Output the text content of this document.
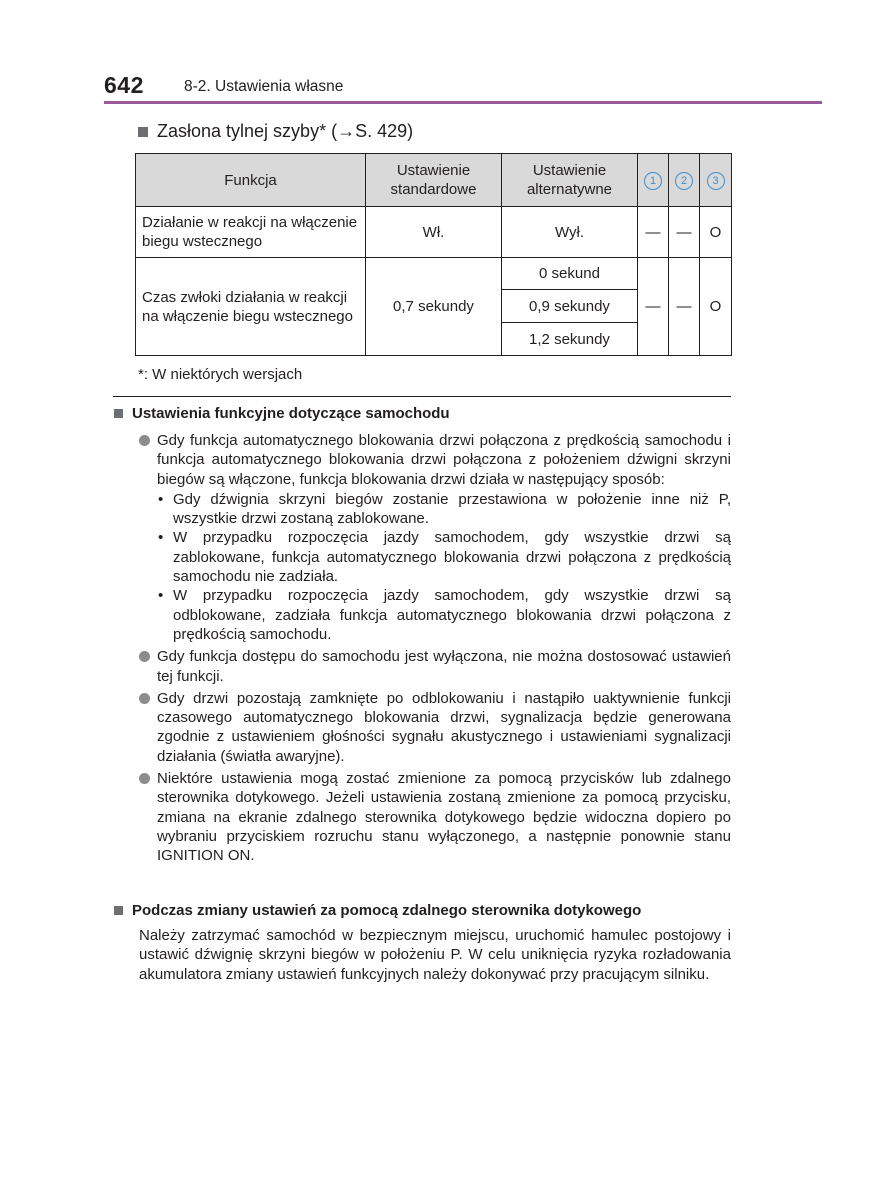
642	8-2. Ustawienia własne
Zasłona tylnej szyby* (→S. 429)
Funkcja	Ustawienie standardowe	Ustawienie alternatywne	1	2	3
Działanie w reakcji na włączenie biegu wstecznego	Wł.	Wył.	—	—	O
Czas zwłoki działania w reakcji na włączenie biegu wstecznego	0,7 sekundy	0 sekund	—	—	O
		0,9 sekundy			
		1,2 sekundy			
*: W niektórych wersjach
Ustawienia funkcyjne dotyczące samochodu
Gdy funkcja automatycznego blokowania drzwi połączona z prędkością samochodu i funkcja automatycznego blokowania drzwi połączona z położeniem dźwigni skrzyni biegów są włączone, funkcja blokowania drzwi działa w następujący sposób:
• Gdy dźwignia skrzyni biegów zostanie przestawiona w położenie inne niż P, wszystkie drzwi zostaną zablokowane.
• W przypadku rozpoczęcia jazdy samochodem, gdy wszystkie drzwi są zablokowane, funkcja automatycznego blokowania drzwi połączona z prędkością samochodu nie zadziała.
• W przypadku rozpoczęcia jazdy samochodem, gdy wszystkie drzwi są odblokowane, zadziała funkcja automatycznego blokowania drzwi połączona z prędkością samochodu.
Gdy funkcja dostępu do samochodu jest wyłączona, nie można dostosować ustawień tej funkcji.
Gdy drzwi pozostają zamknięte po odblokowaniu i nastąpiło uaktywnienie funkcji czasowego automatycznego blokowania drzwi, sygnalizacja będzie generowana zgodnie z ustawieniem głośności sygnału akustycznego i ustawieniami sygnalizacji działania (światła awaryjne).
Niektóre ustawienia mogą zostać zmienione za pomocą przycisków lub zdalnego sterownika dotykowego. Jeżeli ustawienia zostaną zmienione za pomocą przycisku, zmiana na ekranie zdalnego sterownika dotykowego będzie widoczna dopiero po wybraniu przyciskiem rozruchu stanu wyłączonego, a następnie ponownie stanu IGNITION ON.
Podczas zmiany ustawień za pomocą zdalnego sterownika dotykowego
Należy zatrzymać samochód w bezpiecznym miejscu, uruchomić hamulec postojowy i ustawić dźwignię skrzyni biegów w położeniu P. W celu uniknięcia ryzyka rozładowania akumulatora zmiany ustawień funkcyjnych należy dokonywać przy pracującym silniku.
